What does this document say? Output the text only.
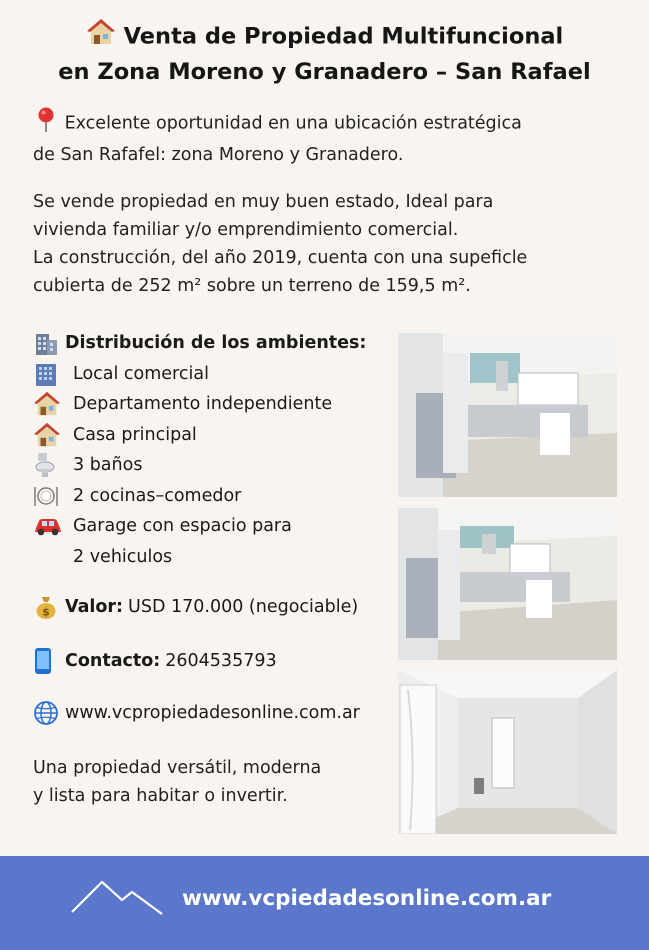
Venta de Propiedad Multifuncional
en Zona Moreno y Granadero – San Rafael
Excelente oportunidad en una ubicación estratégica
de San Rafafel: zona Moreno y Granadero.
Se vende propiedad en muy buen estado, Ideal para
vivienda familiar y/o emprendimiento comercial.
La construcción, del año 2019, cuenta con una supeficle
cubierta de 252 m² sobre un terreno de 159,5 m².
Distribución de los ambientes:
Local comercial
Departamento independiente
Casa principal
3 baños
2 cocinas–comedor
Garage con espacio para
2 vehiculos
$ Valor: USD 170.000 (negociable)
Contacto: 2604535793
www.vcpropiedadesonline.com.ar
Una propiedad versátil, moderna
y lista para habitar o invertir.
www.vcpiedadesonline.com.ar
